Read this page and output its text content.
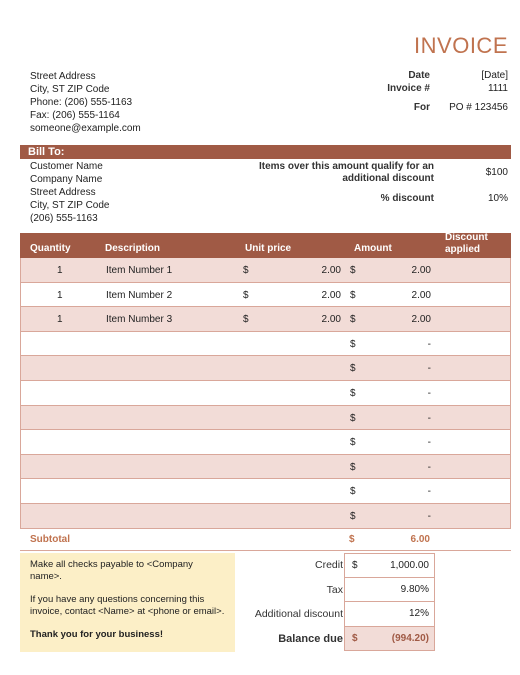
INVOICE
Street Address
City, ST ZIP Code
Phone: (206) 555-1163
Fax: (206) 555-1164
someone@example.com
Date	[Date]
Invoice #	1111
For PO # 123456
Bill To:
Customer Name
Company Name
Street Address
City, ST ZIP Code
(206) 555-1163
Items over this amount qualify for an additional discount
$100
% discount	10%
Quantity	Description	Unit price	Amount
Discount applied
1	Item Number 1	$	2.00 $	2.00
1	Item Number 2	$	2.00 $	2.00
1	Item Number 3	$	2.00 $	2.00
$	-
$	-
$	-
$	-
$	-
$	-
$	-
$	-
Subtotal	$	6.00

Make all checks payable to <Company name>.

If you have any questions concerning this invoice, contact <Name> at <phone or email>.

Thank you for your business!

Credit $	1,000.00
Tax	9.80%
Additional discount	12%
Balance due $	(994.20)
